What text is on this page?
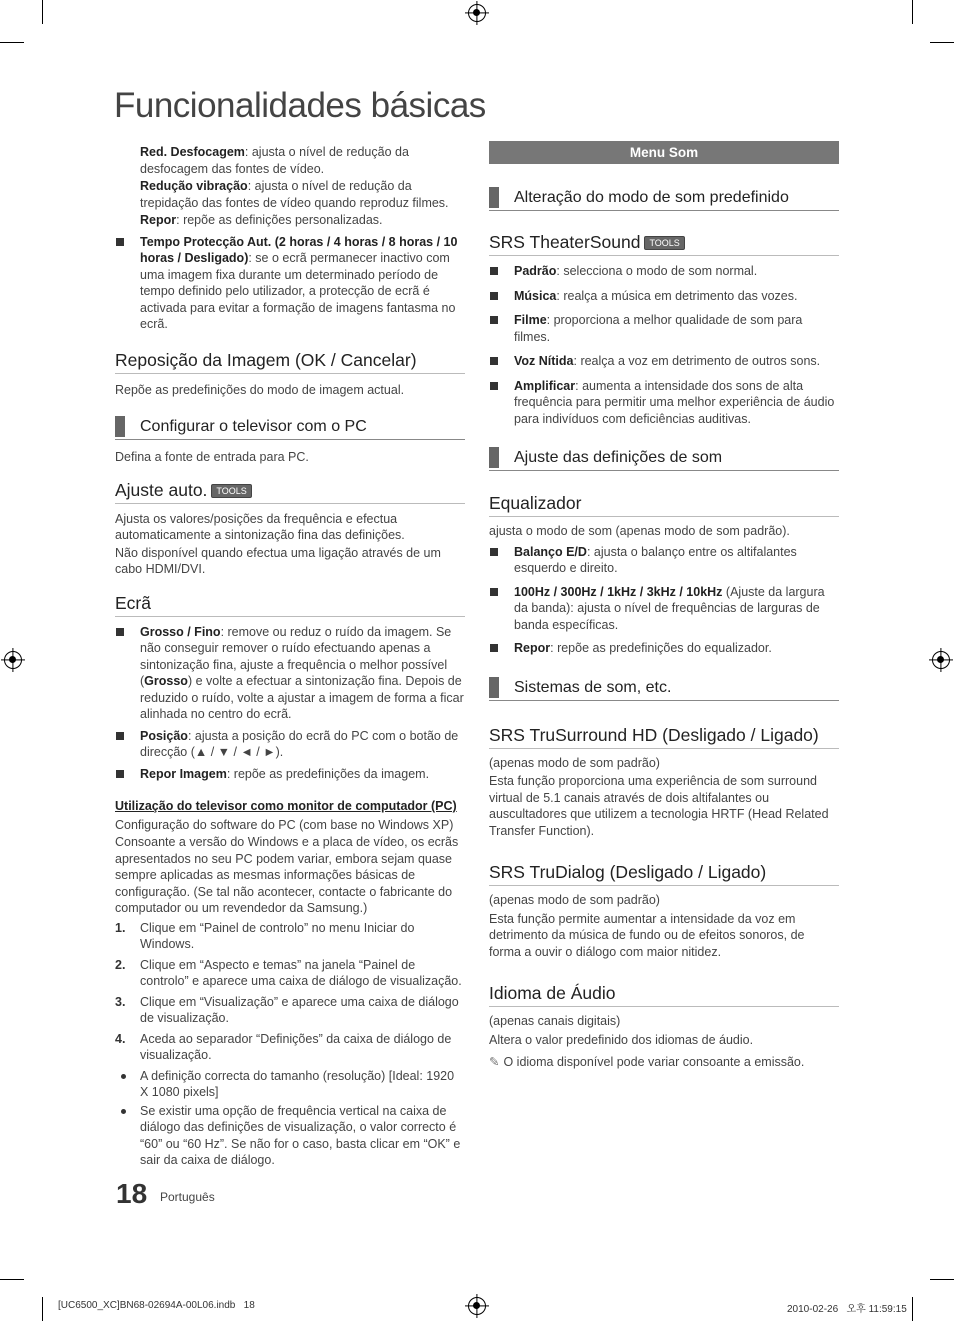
Funcionalidades básicas

Red. Desfocagem: ajusta o nível de redução da desfocagem das fontes de vídeo.

Redução vibração: ajusta o nível de redução da trepidação das fontes de vídeo quando reproduz filmes.

Repor: repõe as definições personalizadas.

Tempo Protecção Aut. (2 horas / 4 horas / 8 horas / 10 horas / Desligado): se o ecrã permanecer inactivo com uma imagem fixa durante um determinado período de tempo definido pelo utilizador, a protecção de ecrã é activada para evitar a formação de imagens fantasma no ecrã.

Reposição da Imagem (OK / Cancelar)

Repõe as predefinições do modo de imagem actual.

Configurar o televisor com o PC

Defina a fonte de entrada para PC.

Ajuste auto. TOOLS

Ajusta os valores/posições da frequência e efectua automaticamente a sintonização fina das definições.

Não disponível quando efectua uma ligação através de um cabo HDMI/DVI.

Ecrã

Grosso / Fino: remove ou reduz o ruído da imagem. Se não conseguir remover o ruído efectuando apenas a sintonização fina, ajuste a frequência o melhor possível (Grosso) e volte a efectuar a sintonização fina. Depois de reduzido o ruído, volte a ajustar a imagem de forma a ficar alinhada no centro do ecrã.

Posição: ajusta a posição do ecrã do PC com o botão de direcção (▲ / ▼ / ◄ / ►).

Repor Imagem: repõe as predefinições da imagem.

Utilização do televisor como monitor de computador (PC)

Configuração do software do PC (com base no Windows XP)

Consoante a versão do Windows e a placa de vídeo, os ecrãs apresentados no seu PC podem variar, embora sejam quase sempre aplicadas as mesmas informações básicas de configuração. (Se tal não acontecer, contacte o fabricante do computador ou um revendedor da Samsung.)

1. Clique em “Painel de controlo” no menu Iniciar do Windows.

2. Clique em “Aspecto e temas” na janela “Painel de controlo” e aparece uma caixa de diálogo de visualização.

3. Clique em “Visualização” e aparece uma caixa de diálogo de visualização.

4. Aceda ao separador “Definições” da caixa de diálogo de visualização.

A definição correcta do tamanho (resolução) [Ideal: 1920 X 1080 pixels]

Se existir uma opção de frequência vertical na caixa de diálogo das definições de visualização, o valor correcto é “60” ou “60 Hz”. Se não for o caso, basta clicar em “OK” e sair da caixa de diálogo.

Menu Som
Alteração do modo de som predefinido
SRS TheaterSound TOOLS

Padrão: selecciona o modo de som normal.

Música: realça a música em detrimento das vozes.

Filme: proporciona a melhor qualidade de som para filmes.

Voz Nítida: realça a voz em detrimento de outros sons.

Amplificar: aumenta a intensidade dos sons de alta frequência para permitir uma melhor experiência de áudio para indivíduos com deficiências auditivas.

Ajuste das definições de som
Equalizador

ajusta o modo de som (apenas modo de som padrão).

Balanço E/D: ajusta o balanço entre os altifalantes esquerdo e direito.

100Hz / 300Hz / 1kHz / 3kHz / 10kHz (Ajuste da largura da banda): ajusta o nível de frequências de larguras de banda específicas.

Repor: repõe as predefinições do equalizador.

Sistemas de som, etc.
SRS TruSurround HD (Desligado / Ligado)

(apenas modo de som padrão)

Esta função proporciona uma experiência de som surround virtual de 5.1 canais através de dois altifalantes ou auscultadores que utilizem a tecnologia HRTF (Head Related Transfer Function).

SRS TruDialog (Desligado / Ligado)

(apenas modo de som padrão)

Esta função permite aumentar a intensidade da voz em detrimento da música de fundo ou de efeitos sonoros, de forma a ouvir o diálogo com maior nitidez.

Idioma de Áudio

(apenas canais digitais)

Altera o valor predefinido dos idiomas de áudio.

✎ O idioma disponível pode variar consoante a emissão.

18 Português
[UC6500_XC]BN68-02694A-00L06.indb   18	2010-02-26   오후 11:59:15
